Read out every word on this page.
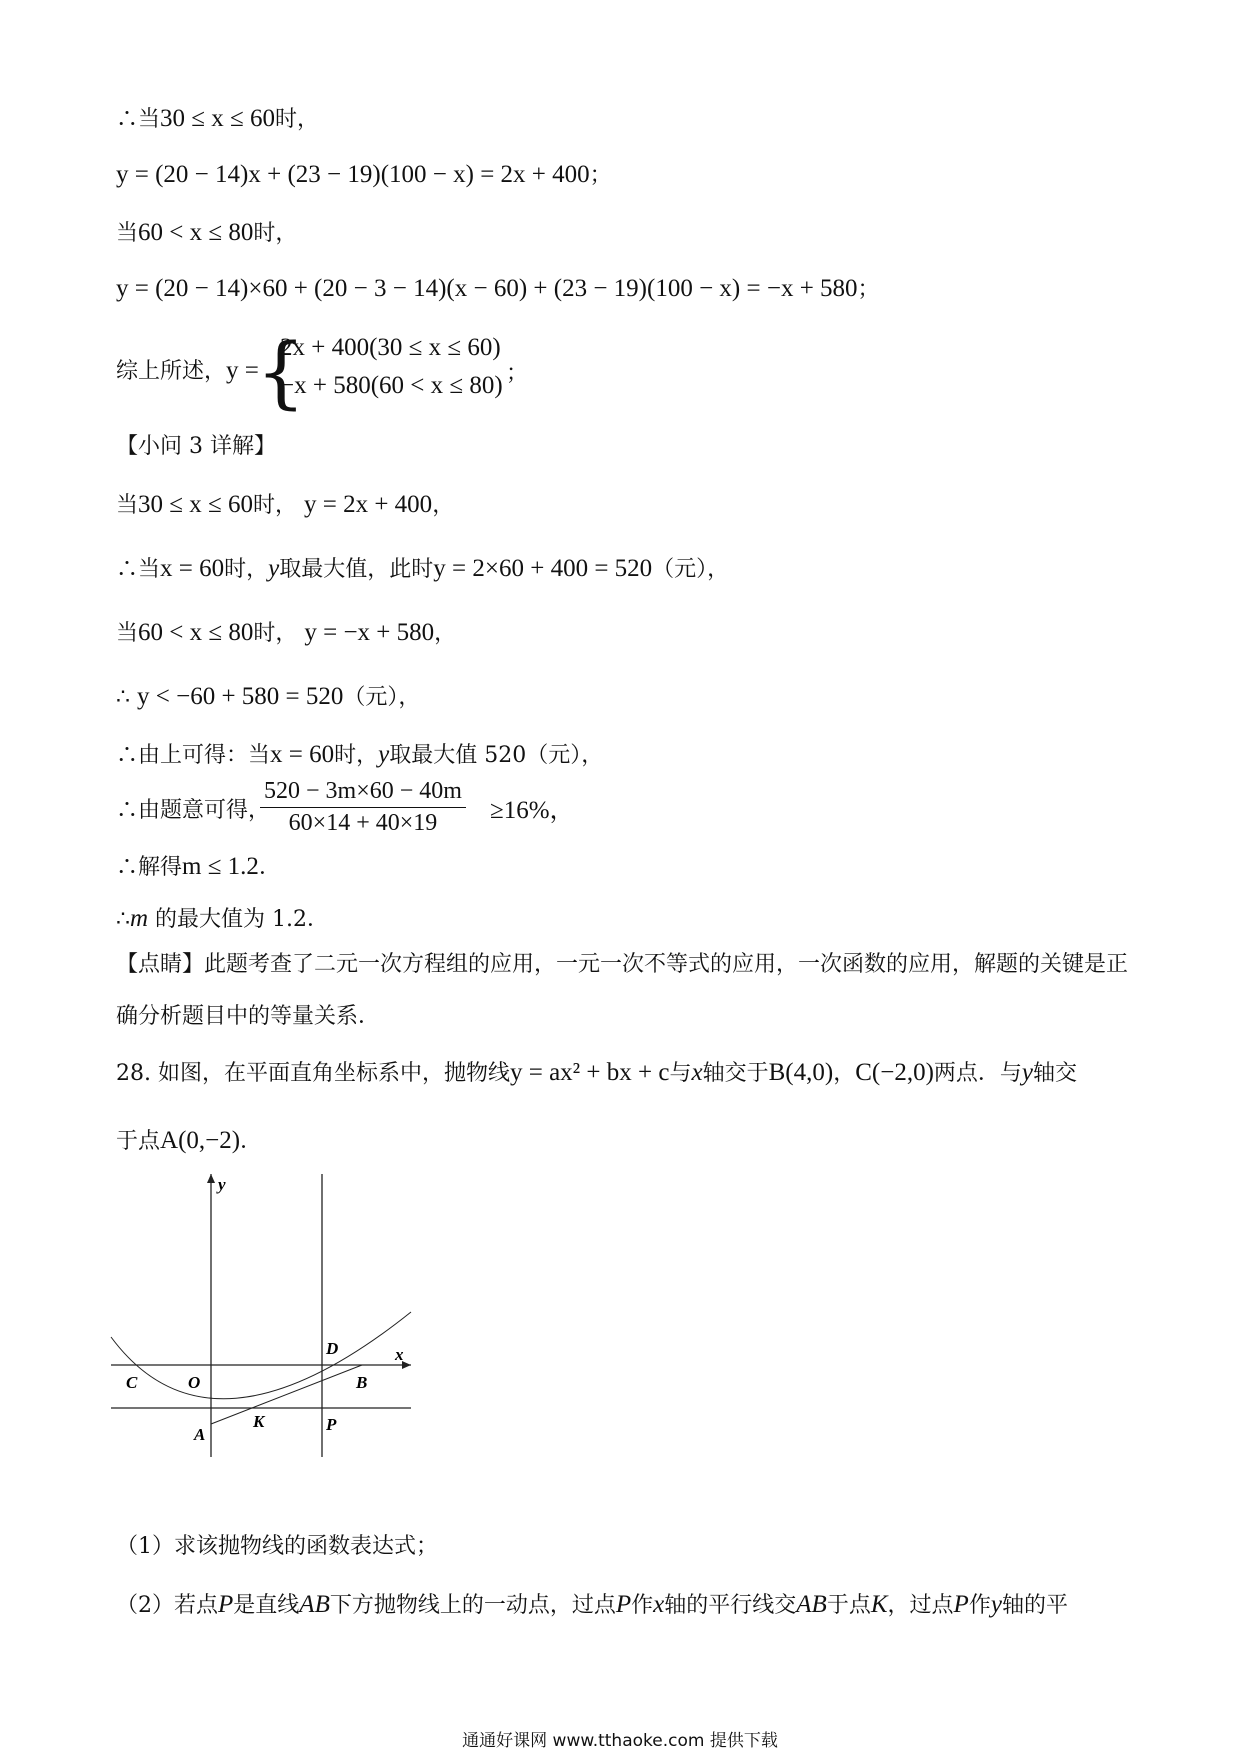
∴当30 ≤ x ≤ 60时，
y = (20 − 14)x + (23 − 19)(100 − x) = 2x + 400；
当60 < x ≤ 80时，
y = (20 − 14)×60 + (20 − 3 − 14)(x − 60) + (23 − 19)(100 − x) = −x + 580；
综上所述，y =
{
2x + 400(30 ≤ x ≤ 60)
−x + 580(60 < x ≤ 80) ；
【小问 3 详解】
当30 ≤ x ≤ 60时， y = 2x + 400，
∴当x = 60时，y取最大值，此时y = 2×60 + 400 = 520（元），
当60 < x ≤ 80时， y = −x + 580，
∴ y < −60 + 580 = 520（元），
∴由上可得：当x = 60时，y取最大值 520（元），
∴由题意可得，
$\frac{520 - 3m\times 60 - 40m}{60\times 14 + 40\times 19} \ge 16\%$，
∴解得m ≤ 1.2．
∴m 的最大值为 1.2．
【点睛】此题考查了二元一次方程组的应用，一元一次不等式的应用，一次函数的应用，解题的关键是正
确分析题目中的等量关系．
28. 如图，在平面直角坐标系中，抛物线y = ax² + bx + c与x轴交于B(4,0)，C(−2,0)两点．与y轴交
于点A(0,−2)．
y
x
C	O
D
B
A
K	P
（1）求该抛物线的函数表达式；
（2）若点P是直线AB下方抛物线上的一动点，过点P作x轴的平行线交AB于点K，过点P作y轴的平
通通好课网 www.tthaoke.com 提供下载
